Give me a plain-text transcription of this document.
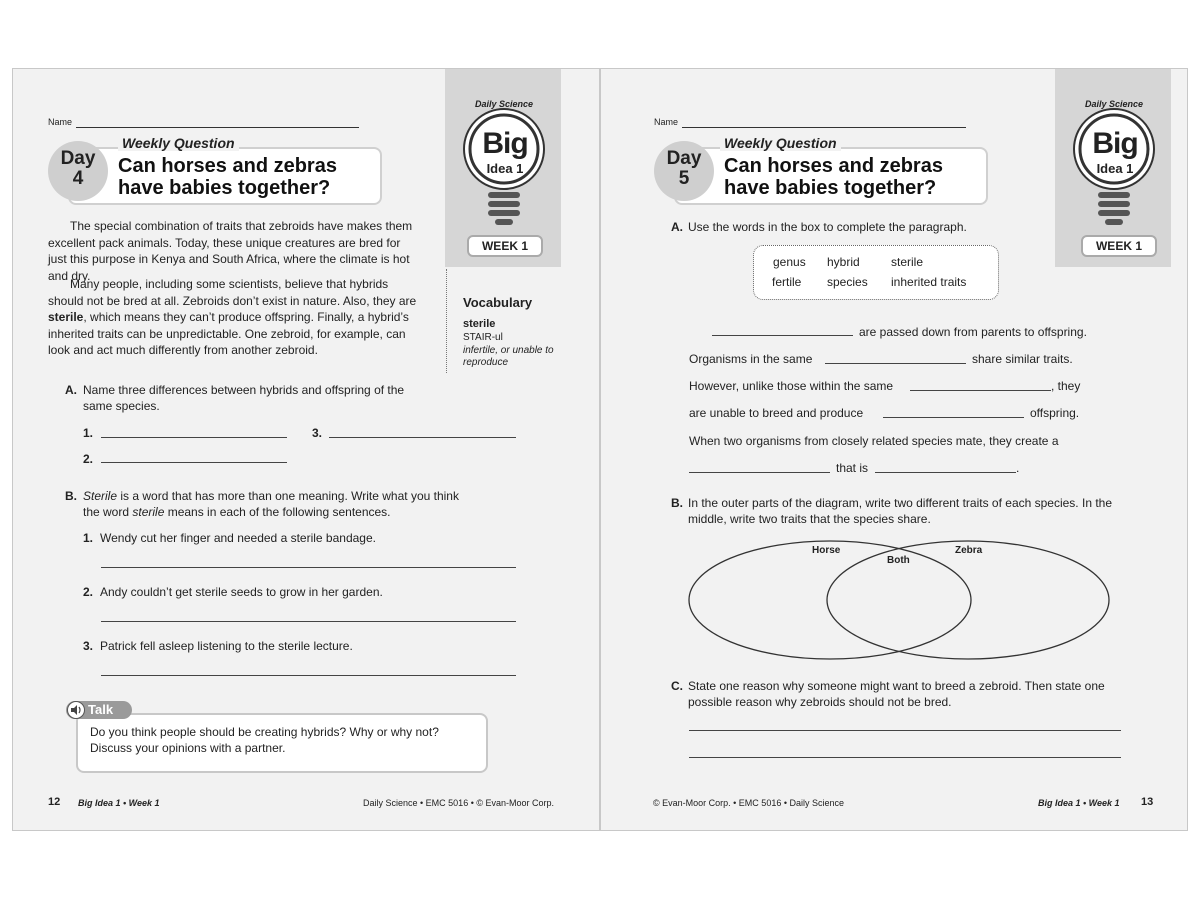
Daily Science
Big
Idea 1
WEEK 1
Name
Day
4
Weekly Question
Can horses and zebras
have babies together?
The special combination of traits that zebroids have makes them excellent pack animals. Today, these unique creatures are bred for just this purpose in Kenya and South Africa, where the climate is hot and dry.
Many people, including some scientists, believe that hybrids should not be bred at all. Zebroids don’t exist in nature. Also, they are sterile, which means they can’t produce offspring. Finally, a hybrid’s inherited traits can be unpredictable. One zebroid, for example, can look and act much differently from another zebroid.
Vocabulary
sterile
STAIR-ul
infertile, or unable to reproduce
A. Name three differences between hybrids and offspring of the same species.
1.	3.
2.
B. Sterile is a word that has more than one meaning. Write what you think the word sterile means in each of the following sentences.
1. Wendy cut her finger and needed a sterile bandage.
2. Andy couldn’t get sterile seeds to grow in her garden.
3. Patrick fell asleep listening to the sterile lecture.
Talk
Do you think people should be creating hybrids? Why or why not? Discuss your opinions with a partner.
12 Big Idea 1 • Week 1	Daily Science • EMC 5016 • © Evan-Moor Corp.
Daily Science
Big
Idea 1
WEEK 1
Name
Day
5
Weekly Question
Can horses and zebras
have babies together?
A. Use the words in the box to complete the paragraph.
genus hybrid	sterile
fertile species inherited traits
are passed down from parents to offspring.
Organisms in the same	share similar traits.
However, unlike those within the same	, they
are unable to breed and produce	offspring.
When two organisms from closely related species mate, they create a
that is	.
B. In the outer parts of the diagram, write two different traits of each species. In the middle, write two traits that the species share.
Horse
Both
Zebra
C. State one reason why someone might want to breed a zebroid. Then state one possible reason why zebroids should not be bred.
© Evan-Moor Corp. • EMC 5016 • Daily Science	Big Idea 1 • Week 1 13
